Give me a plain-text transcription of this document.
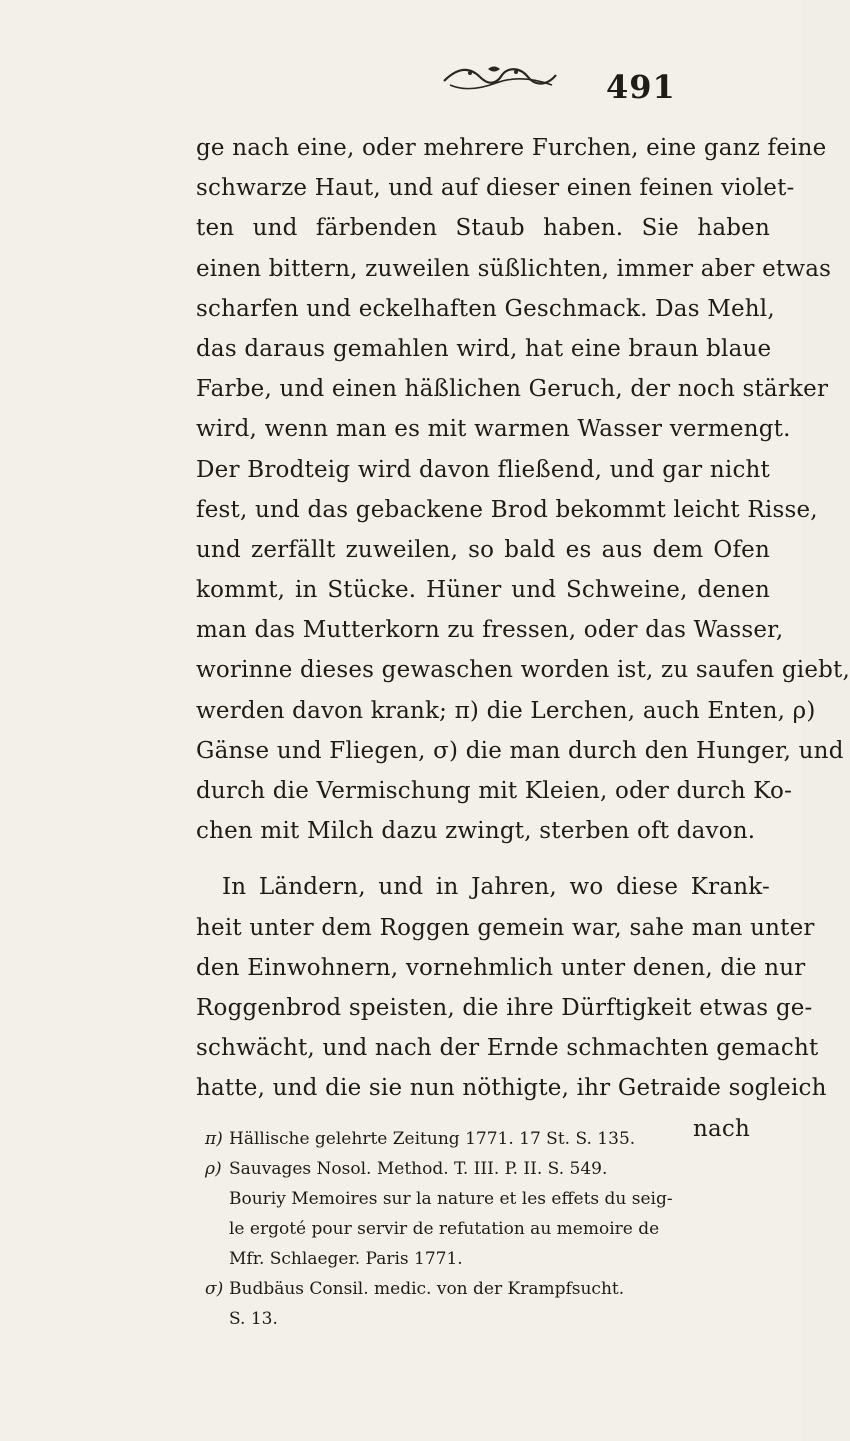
491
ge nach eine, oder mehrere Furchen, eine ganz feine
schwarze Haut, und auf dieser einen feinen violet-
ten und färbenden Staub haben. Sie haben
einen bittern, zuweilen süßlichten, immer aber etwas
scharfen und eckelhaften Geschmack. Das Mehl,
das daraus gemahlen wird, hat eine braun blaue
Farbe, und einen häßlichen Geruch, der noch stärker
wird, wenn man es mit warmen Wasser vermengt.
Der Brodteig wird davon fließend, und gar nicht
fest, und das gebackene Brod bekommt leicht Risse,
und zerfällt zuweilen, so bald es aus dem Ofen
kommt, in Stücke. Hüner und Schweine, denen
man das Mutterkorn zu fressen, oder das Wasser,
worinne dieses gewaschen worden ist, zu saufen giebt,
werden davon krank; π) die Lerchen, auch Enten, ρ)
Gänse und Fliegen, σ) die man durch den Hunger, und
durch die Vermischung mit Kleien, oder durch Ko-
chen mit Milch dazu zwingt, sterben oft davon.
In Ländern, und in Jahren, wo diese Krank-
heit unter dem Roggen gemein war, sahe man unter
den Einwohnern, vornehmlich unter denen, die nur
Roggenbrod speisten, die ihre Dürftigkeit etwas ge-
schwächt, und nach der Ernde schmachten gemacht
hatte, und die sie nun nöthigte, ihr Getraide sogleich
nach
π) Hällische gelehrte Zeitung 1771. 17 St. S. 135.
ρ) Sauvages Nosol. Method. T. III. P. II. S. 549.
Bouriy Memoires sur la nature et les effets du seig-
le ergoté pour servir de refutation au memoire de
Mfr. Schlaeger. Paris 1771.
σ) Budbäus Consil. medic. von der Krampfsucht.
S. 13.
